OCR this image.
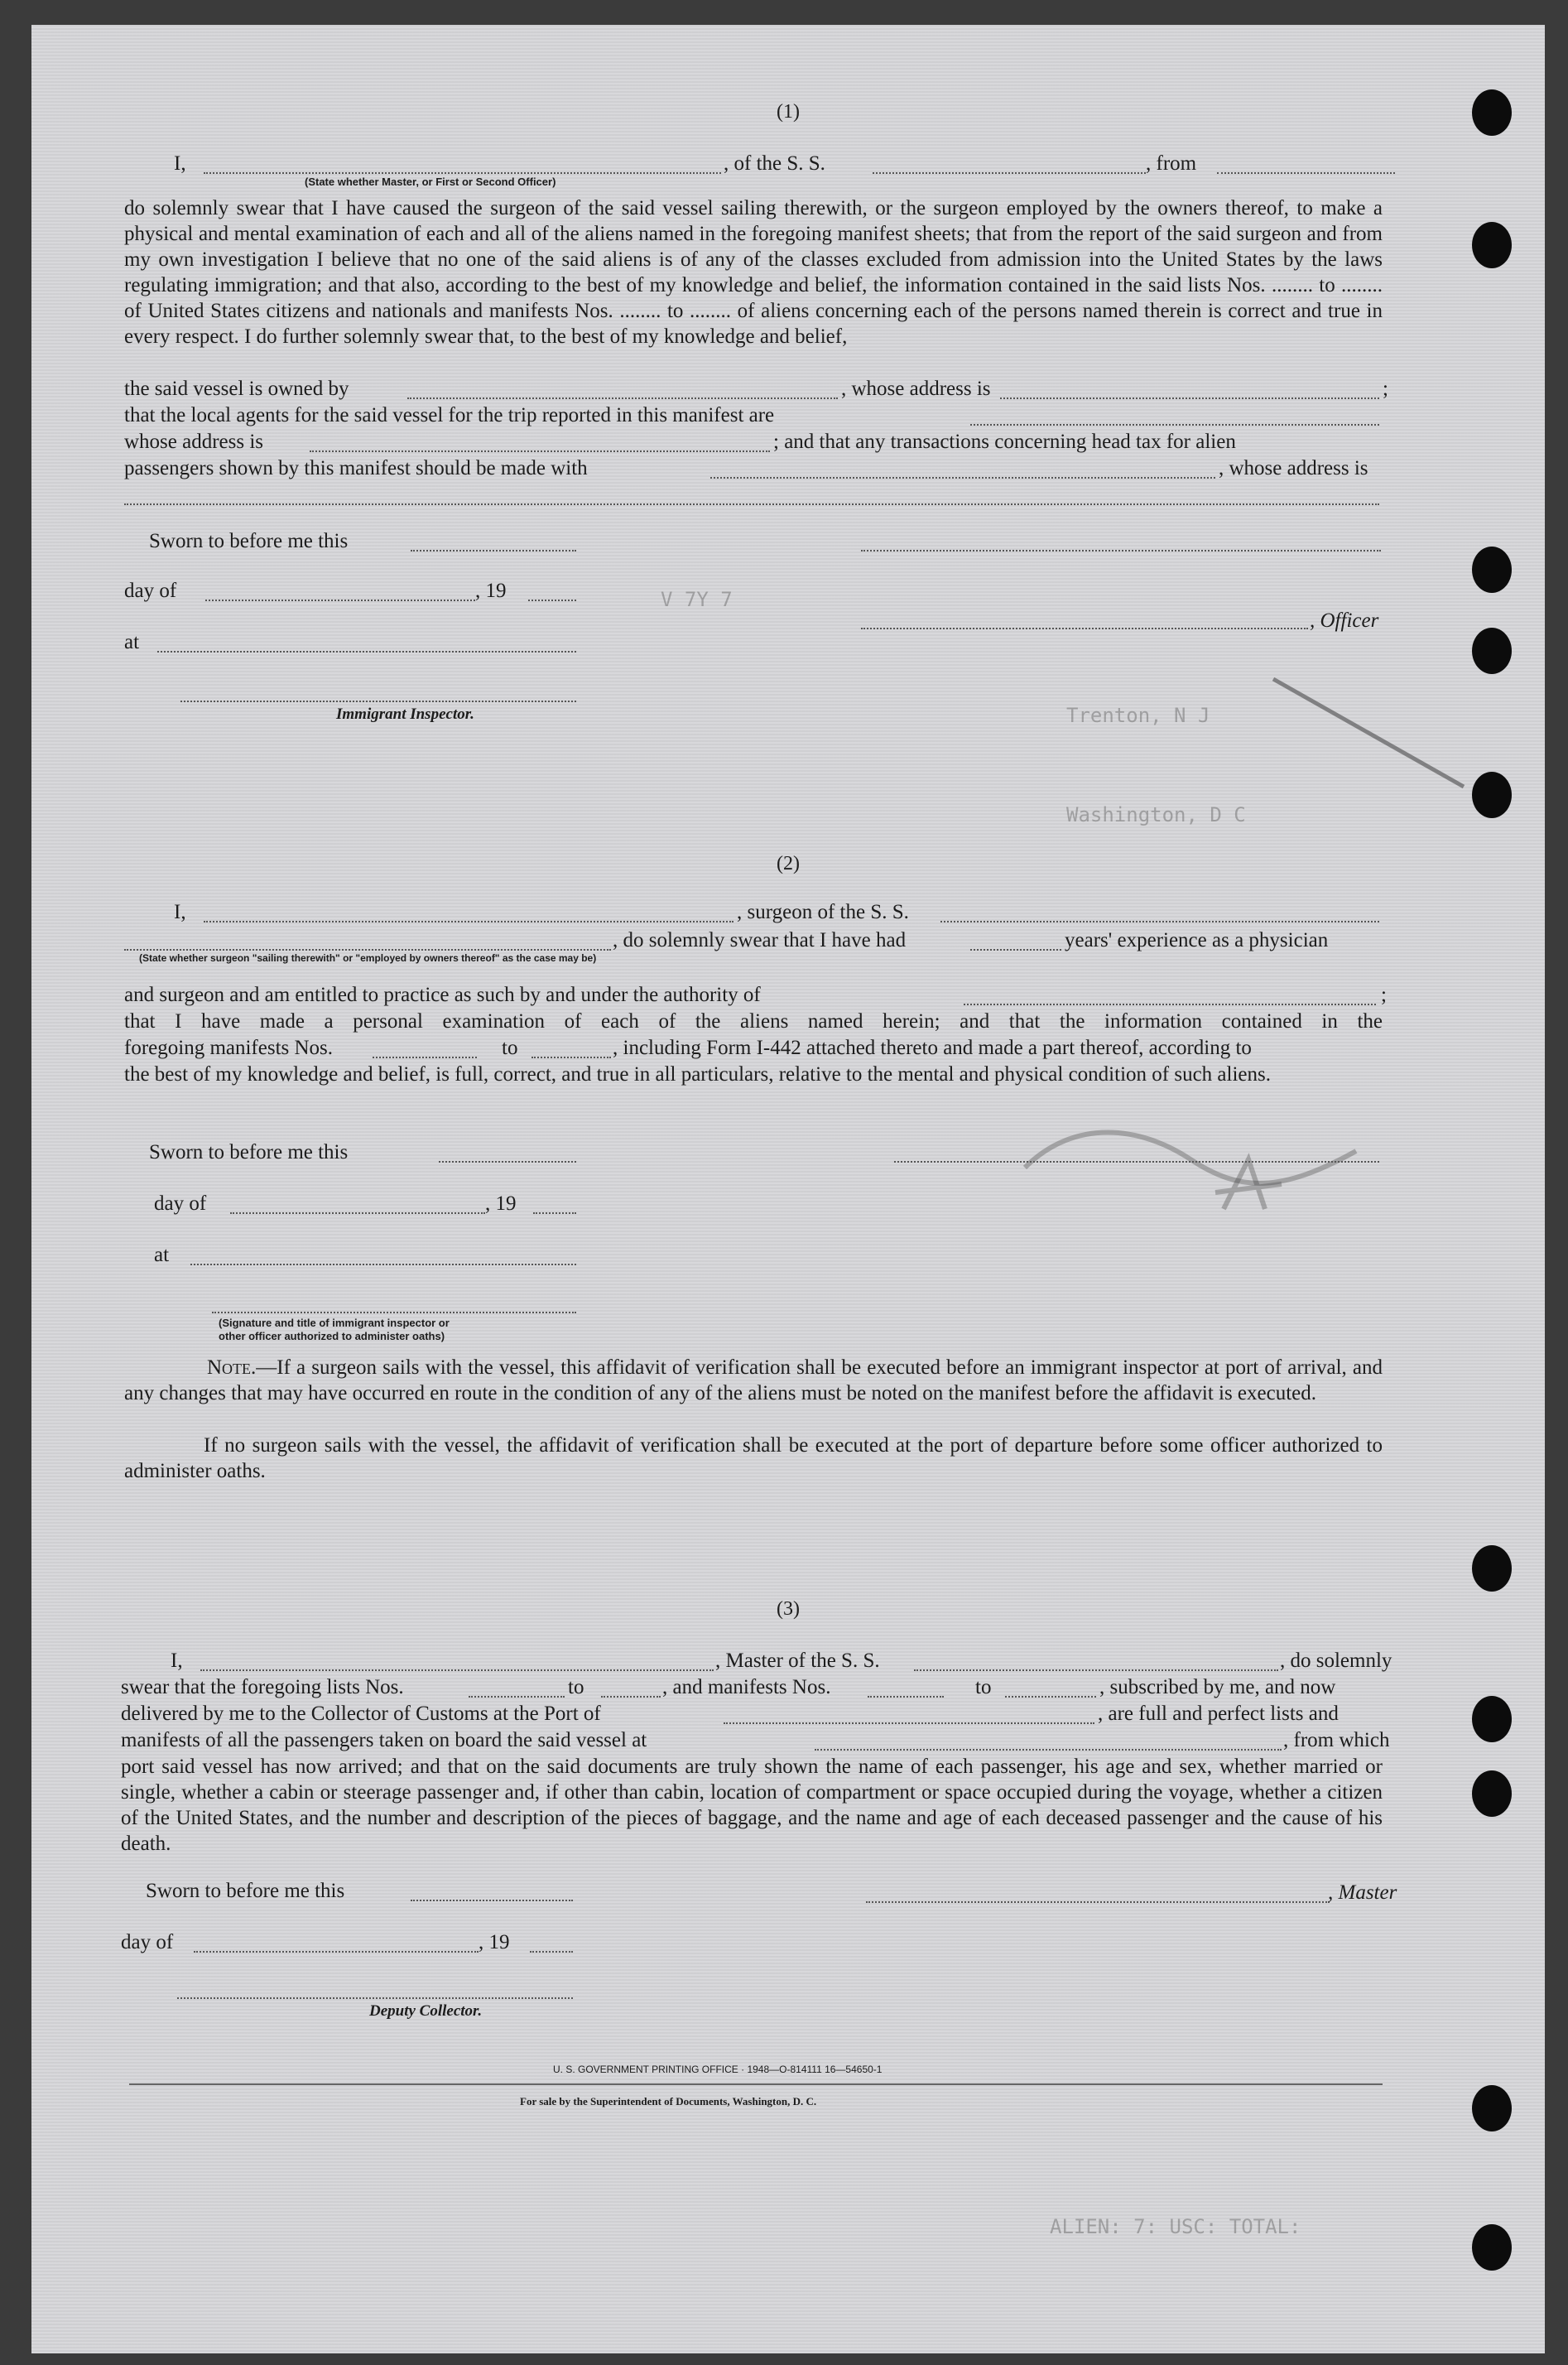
V 7Y 7
Trenton, N J
Washington, D C
ALIEN: 7: USC: TOTAL:
(1)
I,	, of the S. S.	, from
(State whether Master, or First or Second Officer)
do solemnly swear that I have caused the surgeon of the said vessel sailing therewith, or the surgeon employed by the owners thereof, to make a physical and mental examination of each and all of the aliens named in the foregoing manifest sheets; that from the report of the said surgeon and from my own investigation I believe that no one of the said aliens is of any of the classes excluded from admission into the United States by the laws regulating immigration; and that also, according to the best of my knowledge and belief, the information contained in the said lists Nos. ........ to ........ of United States citizens and nationals and manifests Nos. ........ to ........ of aliens concerning each of the persons named therein is correct and true in every respect. I do further solemnly swear that, to the best of my knowledge and belief,
the said vessel is owned by	, whose address is	;
that the local agents for the said vessel for the trip reported in this manifest are
whose address is	; and that any transactions concerning head tax for alien
passengers shown by this manifest should be made with	, whose address is
Sworn to before me this
day of	, 19
, Officer
at
Immigrant Inspector.
(2)
I,	, surgeon of the S. S.
, do solemnly swear that I have had	years' experience as a physician
(State whether surgeon "sailing therewith" or "employed by owners thereof" as the case may be)
and surgeon and am entitled to practice as such by and under the authority of	;
that I have made a personal examination of each of the aliens named herein; and that the information contained in the
foregoing manifests Nos.	to	, including Form I-442 attached thereto and made a part thereof, according to
the best of my knowledge and belief, is full, correct, and true in all particulars, relative to the mental and physical condition of such aliens.
Sworn to before me this
day of	, 19
at
(Signature and title of immigrant inspector or
other officer authorized to administer oaths)
Note.—If a surgeon sails with the vessel, this affidavit of verification shall be executed before an immigrant inspector at port of arrival, and any changes that may have occurred en route in the condition of any of the aliens must be noted on the manifest before the affidavit is executed.
If no surgeon sails with the vessel, the affidavit of verification shall be executed at the port of departure before some officer authorized to administer oaths.
(3)
I,	, Master of the S. S.	, do solemnly
swear that the foregoing lists Nos.	to	, and manifests Nos.	to	, subscribed by me, and now
delivered by me to the Collector of Customs at the Port of	, are full and perfect lists and
manifests of all the passengers taken on board the said vessel at	, from which
port said vessel has now arrived; and that on the said documents are truly shown the name of each passenger, his age and sex, whether married or single, whether a cabin or steerage passenger and, if other than cabin, location of compartment or space occupied during the voyage, whether a citizen of the United States, and the number and description of the pieces of baggage, and the name and age of each deceased passenger and the cause of his death.
Sworn to before me this	, Master
day of	, 19
Deputy Collector.
U. S. GOVERNMENT PRINTING OFFICE · 1948—O-814111 16—54650-1
For sale by the Superintendent of Documents, Washington, D. C.
